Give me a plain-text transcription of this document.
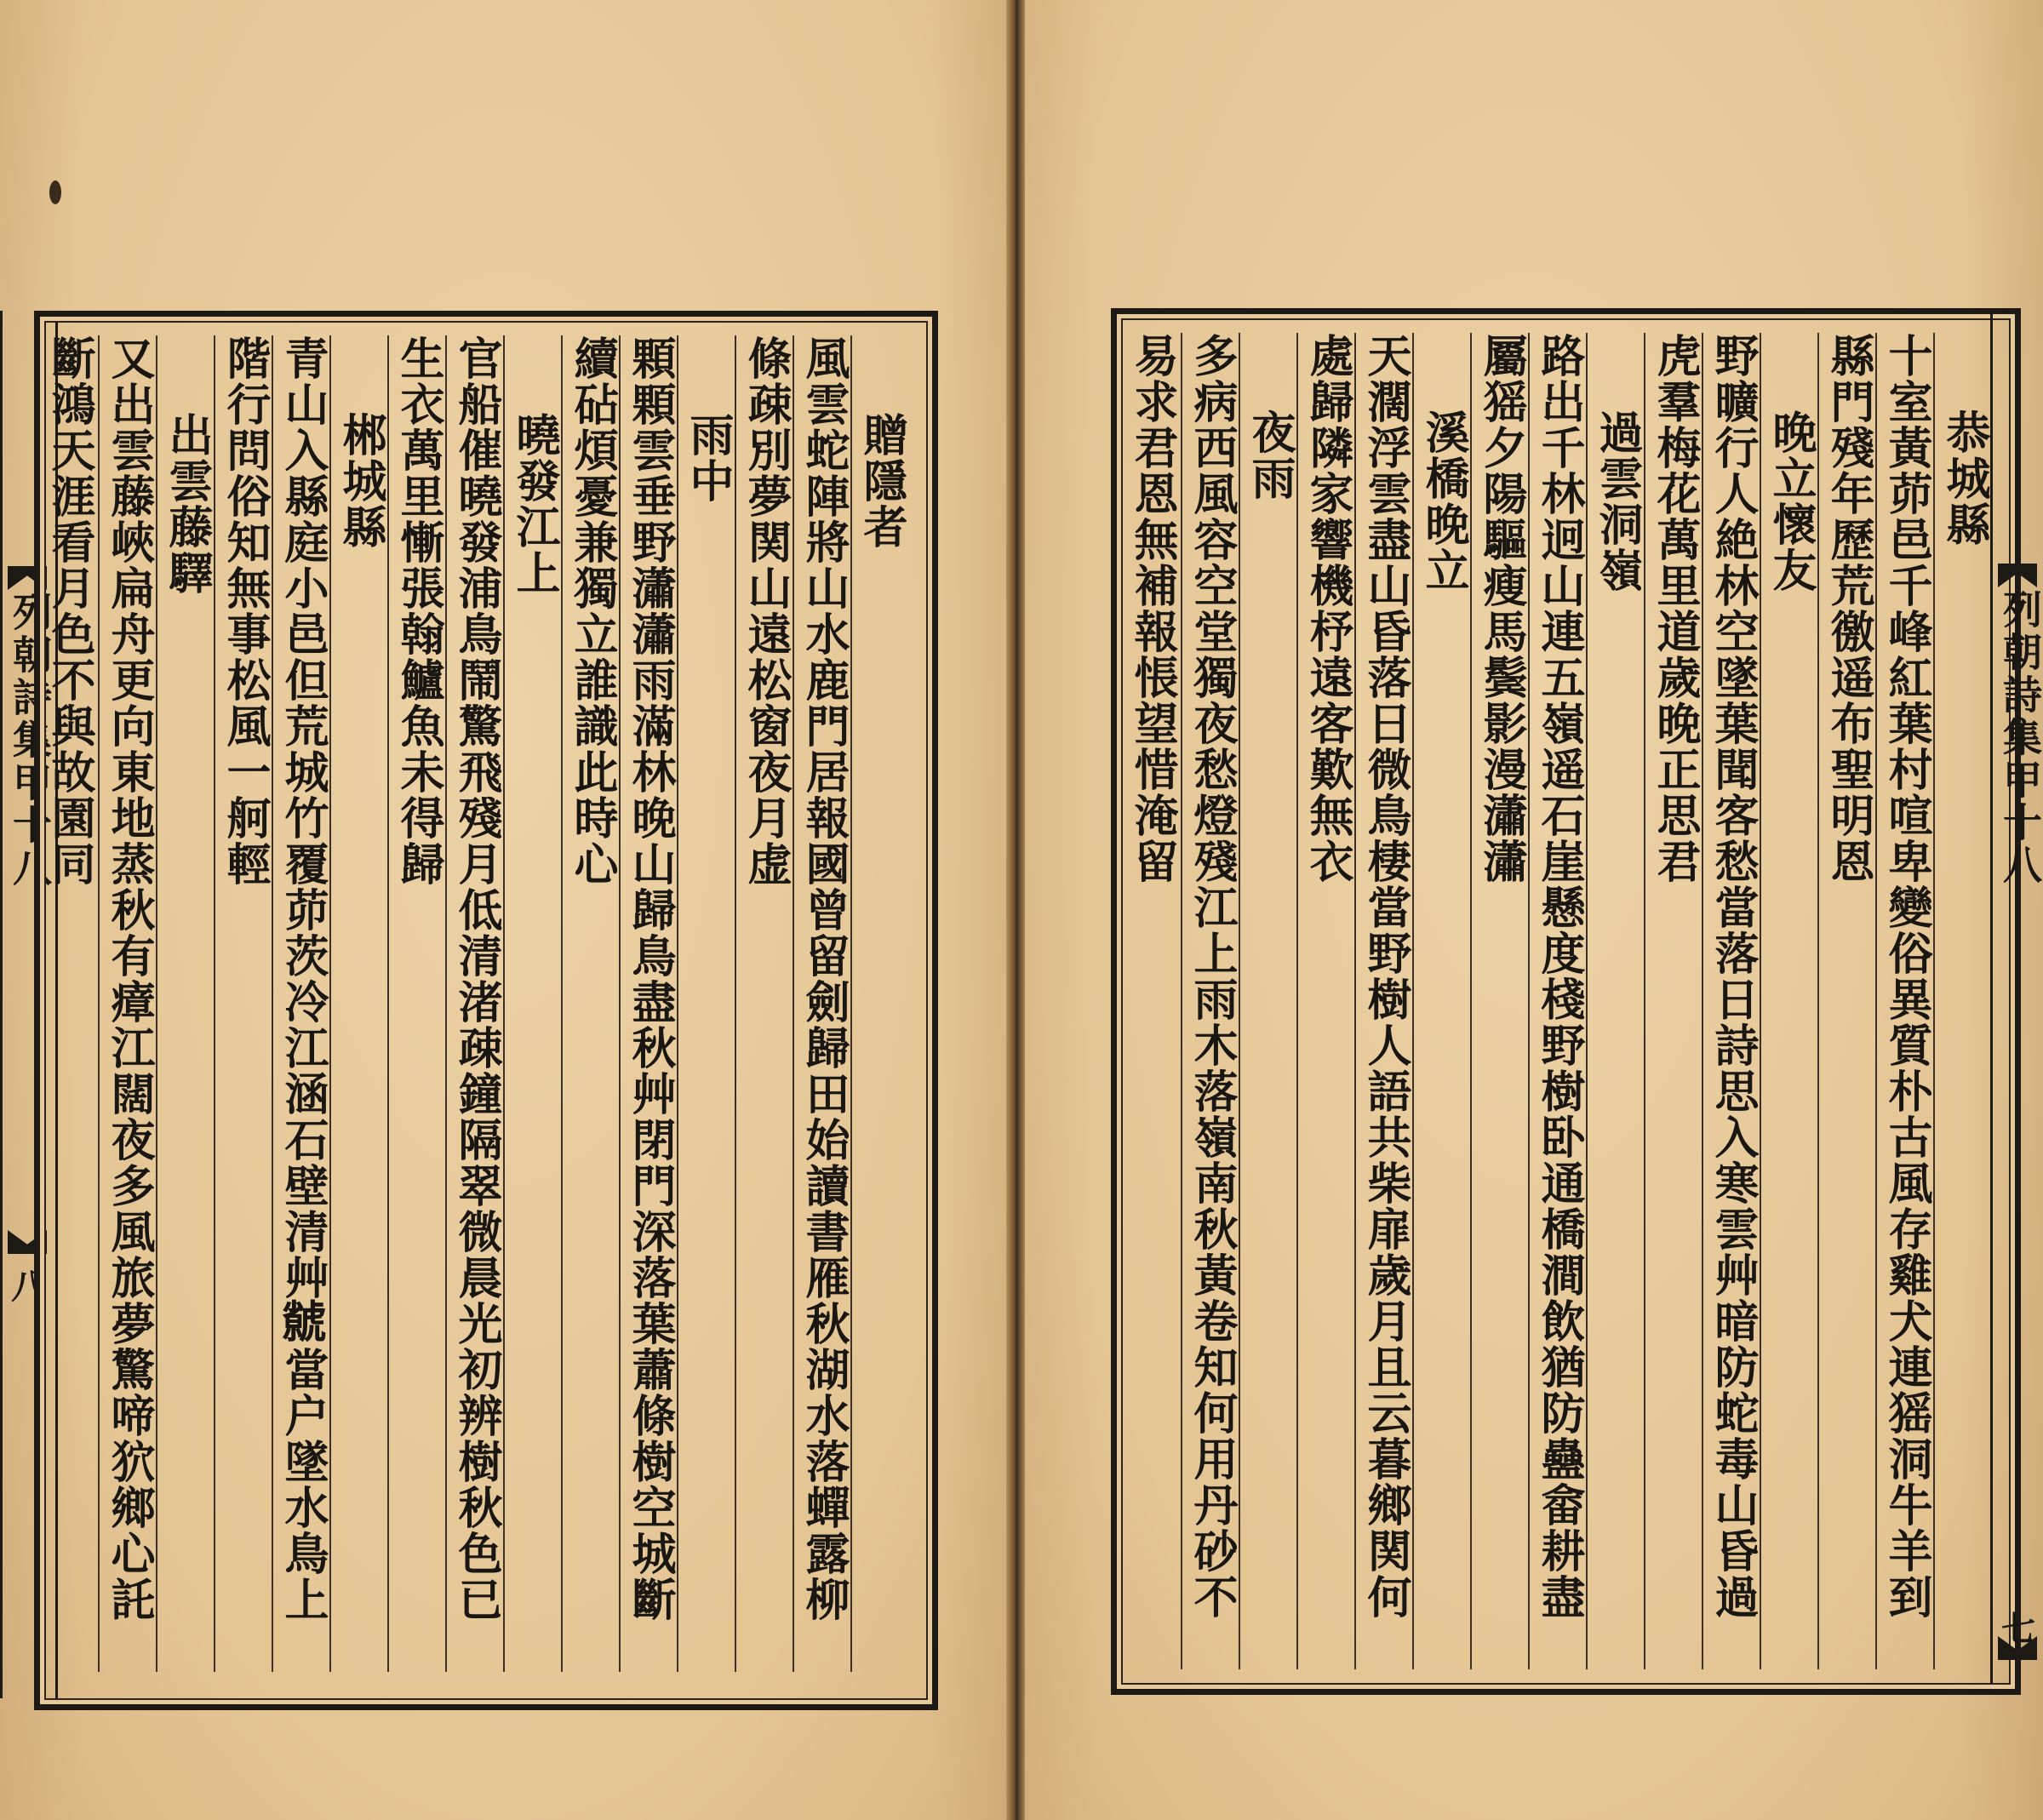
列朝詩集甲十八
八
贈隱者
風雲蛇陣將山水鹿門居報國曾留劍歸田始讀書雁秋湖水落蟬露柳
條疎別夢関山遠松窗夜月虚
雨中
顆顆雲垂野瀟瀟雨滿林晚山歸鳥盡秋艸閉門深落葉蕭條樹空城斷
續砧煩憂兼獨立誰識此時心
曉發江上
官船催曉發浦鳥鬧驚飛殘月低清渚疎鐘隔翠微晨光初辨樹秋色已
生衣萬里慚張翰鱸魚未得歸
郴城縣
青山入縣庭小邑但荒城竹覆茆茨冷江涵石壁清艸𧈅當户墜水鳥上
階行問俗知無事松風一舸輕
出雲藤驛
又出雲藤峽扁舟更向東地蒸秋有瘴江闊夜多風旅夢驚啼狖鄉心託
斷鴻天涯看月色不與故園同	恭城縣
十室黃茆邑千峰紅葉村喧卑變俗異質朴古風存雞犬連猺洞牛羊到
縣門殘年歷荒徼遥布聖明恩
晚立懷友
野曠行人絶林空墜葉聞客愁當落日詩思入寒雲艸暗防蛇毒山昏過
虎羣梅花萬里道歲晚正思君
過雲洞嶺
路出千林迥山連五嶺遥石崖懸度棧野樹卧通橋澗飲猶防蠱畲耕盡
屬猺夕陽驅瘦馬鬓影漫瀟瀟
溪橋晚立
天濶浮雲盡山昏落日微鳥棲當野樹人語共柴扉歲月且云暮鄉関何
處歸隣家響機杼遠客歎無衣
夜雨
多病西風容空堂獨夜愁燈殘江上雨木落嶺南秋黃卷知何用丹砂不
易求君恩無補報悵望惜淹留	列朝詩集甲十八
七
